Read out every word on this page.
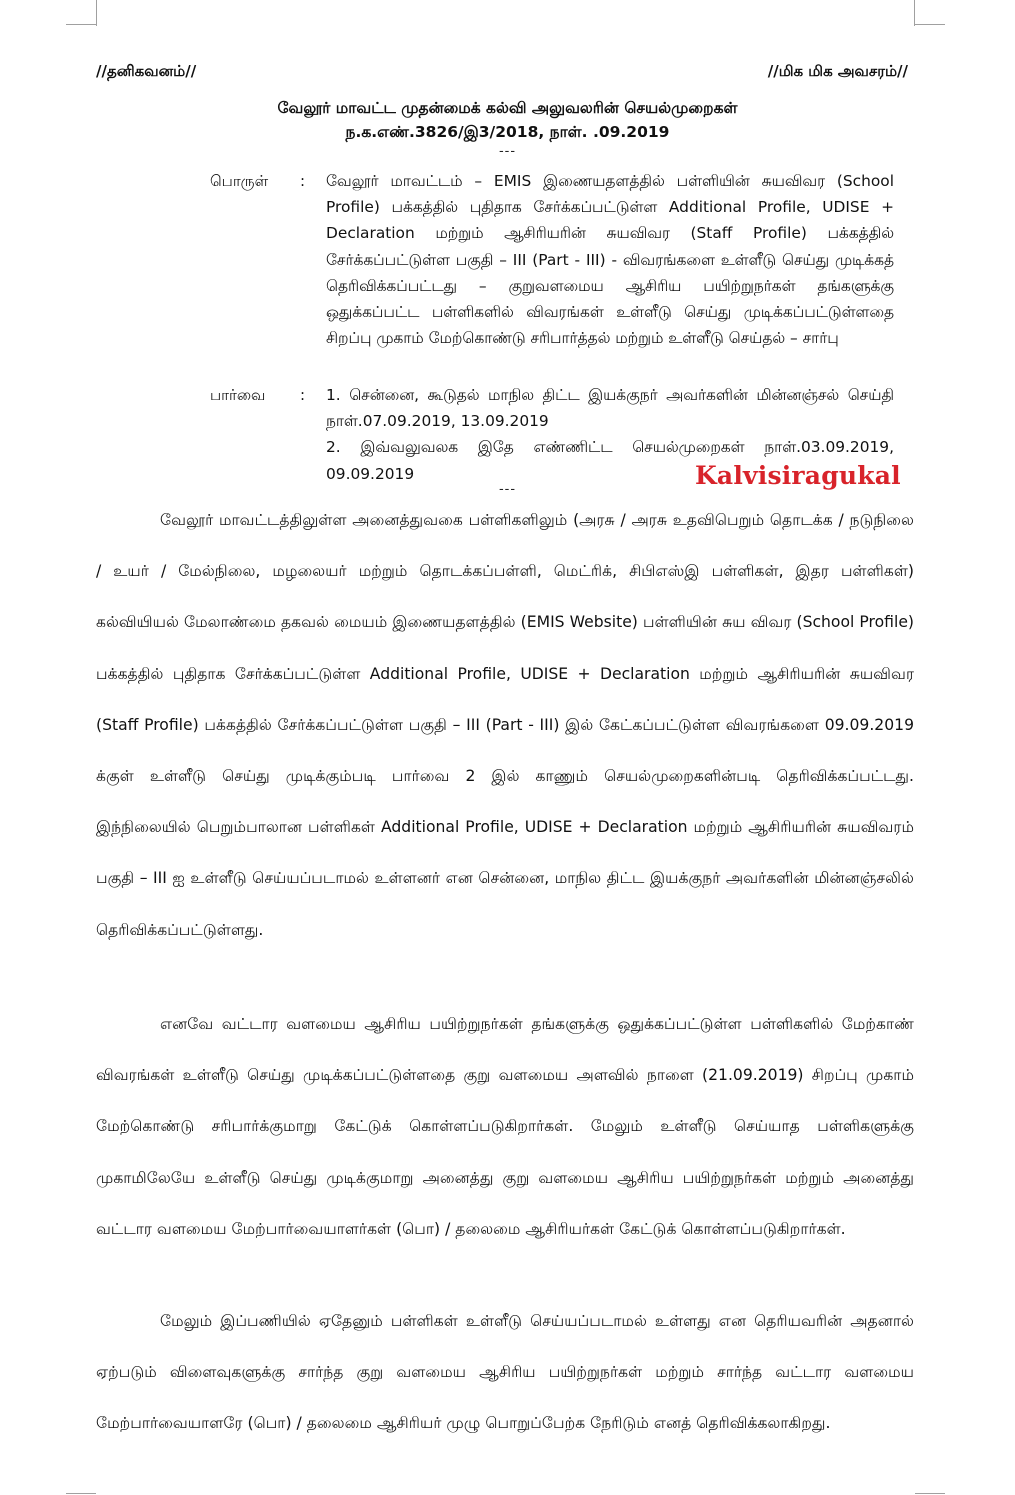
//தனிகவனம்//	//மிக மிக அவசரம்//
வேலூர் மாவட்ட முதன்மைக் கல்வி அலுவலரின் செயல்முறைகள்
ந.க.எண்.3826/இ3/2018, நாள். .09.2019
---
பொருள் : வேலூர் மாவட்டம் – EMIS இணையதளத்தில் பள்ளியின் சுயவிவர (School Profile) பக்கத்தில் புதிதாக சேர்க்கப்பட்டுள்ள Additional Profile, UDISE + Declaration மற்றும் ஆசிரியரின் சுயவிவர (Staff Profile) பக்கத்தில் சேர்க்கப்பட்டுள்ள பகுதி – III (Part - III) - விவரங்களை உள்ளீடு செய்து முடிக்கத் தெரிவிக்கப்பட்டது – குறுவளமைய ஆசிரிய பயிற்றுநர்கள் தங்களுக்கு ஒதுக்கப்பட்ட பள்ளிகளில் விவரங்கள் உள்ளீடு செய்து முடிக்கப்பட்டுள்ளதை சிறப்பு முகாம் மேற்கொண்டு சரிபார்த்தல் மற்றும் உள்ளீடு செய்தல் – சார்பு
பார்வை : 1. சென்னை, கூடுதல் மாநில திட்ட இயக்குநர் அவர்களின் மின்னஞ்சல் செய்தி நாள்.07.09.2019, 13.09.2019

2. இவ்வலுவலக இதே எண்ணிட்ட செயல்முறைகள் நாள்.03.09.2019, 09.09.2019	Kalvisiragukal
---

வேலூர் மாவட்டத்திலுள்ள அனைத்துவகை பள்ளிகளிலும் (அரசு / அரசு உதவிபெறும் தொடக்க / நடுநிலை / உயர் / மேல்நிலை, மழலையர் மற்றும் தொடக்கப்பள்ளி, மெட்ரிக், சிபிஎஸ்இ பள்ளிகள், இதர பள்ளிகள்) கல்வியியல் மேலாண்மை தகவல் மையம் இணையதளத்தில் (EMIS Website) பள்ளியின் சுய விவர (School Profile) பக்கத்தில் புதிதாக சேர்க்கப்பட்டுள்ள Additional Profile, UDISE + Declaration மற்றும் ஆசிரியரின் சுயவிவர (Staff Profile) பக்கத்தில் சேர்க்கப்பட்டுள்ள பகுதி – III (Part - III) இல் கேட்கப்பட்டுள்ள விவரங்களை 09.09.2019 க்குள் உள்ளீடு செய்து முடிக்கும்படி பார்வை 2 இல் காணும் செயல்முறைகளின்படி தெரிவிக்கப்பட்டது. இந்நிலையில் பெறும்பாலான பள்ளிகள் Additional Profile, UDISE + Declaration மற்றும் ஆசிரியரின் சுயவிவரம் பகுதி – III ஐ உள்ளீடு செய்யப்படாமல் உள்ளனர் என சென்னை, மாநில திட்ட இயக்குநர் அவர்களின் மின்னஞ்சலில் தெரிவிக்கப்பட்டுள்ளது.

எனவே வட்டார வளமைய ஆசிரிய பயிற்றுநர்கள் தங்களுக்கு ஒதுக்கப்பட்டுள்ள பள்ளிகளில் மேற்காண் விவரங்கள் உள்ளீடு செய்து முடிக்கப்பட்டுள்ளதை குறு வளமைய அளவில் நாளை (21.09.2019) சிறப்பு முகாம் மேற்கொண்டு சரிபார்க்குமாறு கேட்டுக் கொள்ளப்படுகிறார்கள். மேலும் உள்ளீடு செய்யாத பள்ளிகளுக்கு முகாமிலேயே உள்ளீடு செய்து முடிக்குமாறு அனைத்து குறு வளமைய ஆசிரிய பயிற்றுநர்கள் மற்றும் அனைத்து வட்டார வளமைய மேற்பார்வையாளர்கள் (பொ) / தலைமை ஆசிரியர்கள் கேட்டுக் கொள்ளப்படுகிறார்கள்.

மேலும் இப்பணியில் ஏதேனும் பள்ளிகள் உள்ளீடு செய்யப்படாமல் உள்ளது என தெரியவரின் அதனால் ஏற்படும் விளைவுகளுக்கு சார்ந்த குறு வளமைய ஆசிரிய பயிற்றுநர்கள் மற்றும் சார்ந்த வட்டார வளமைய மேற்பார்வையாளரே (பொ) / தலைமை ஆசிரியர் முழு பொறுப்பேற்க நேரிடும் எனத் தெரிவிக்கலாகிறது.
